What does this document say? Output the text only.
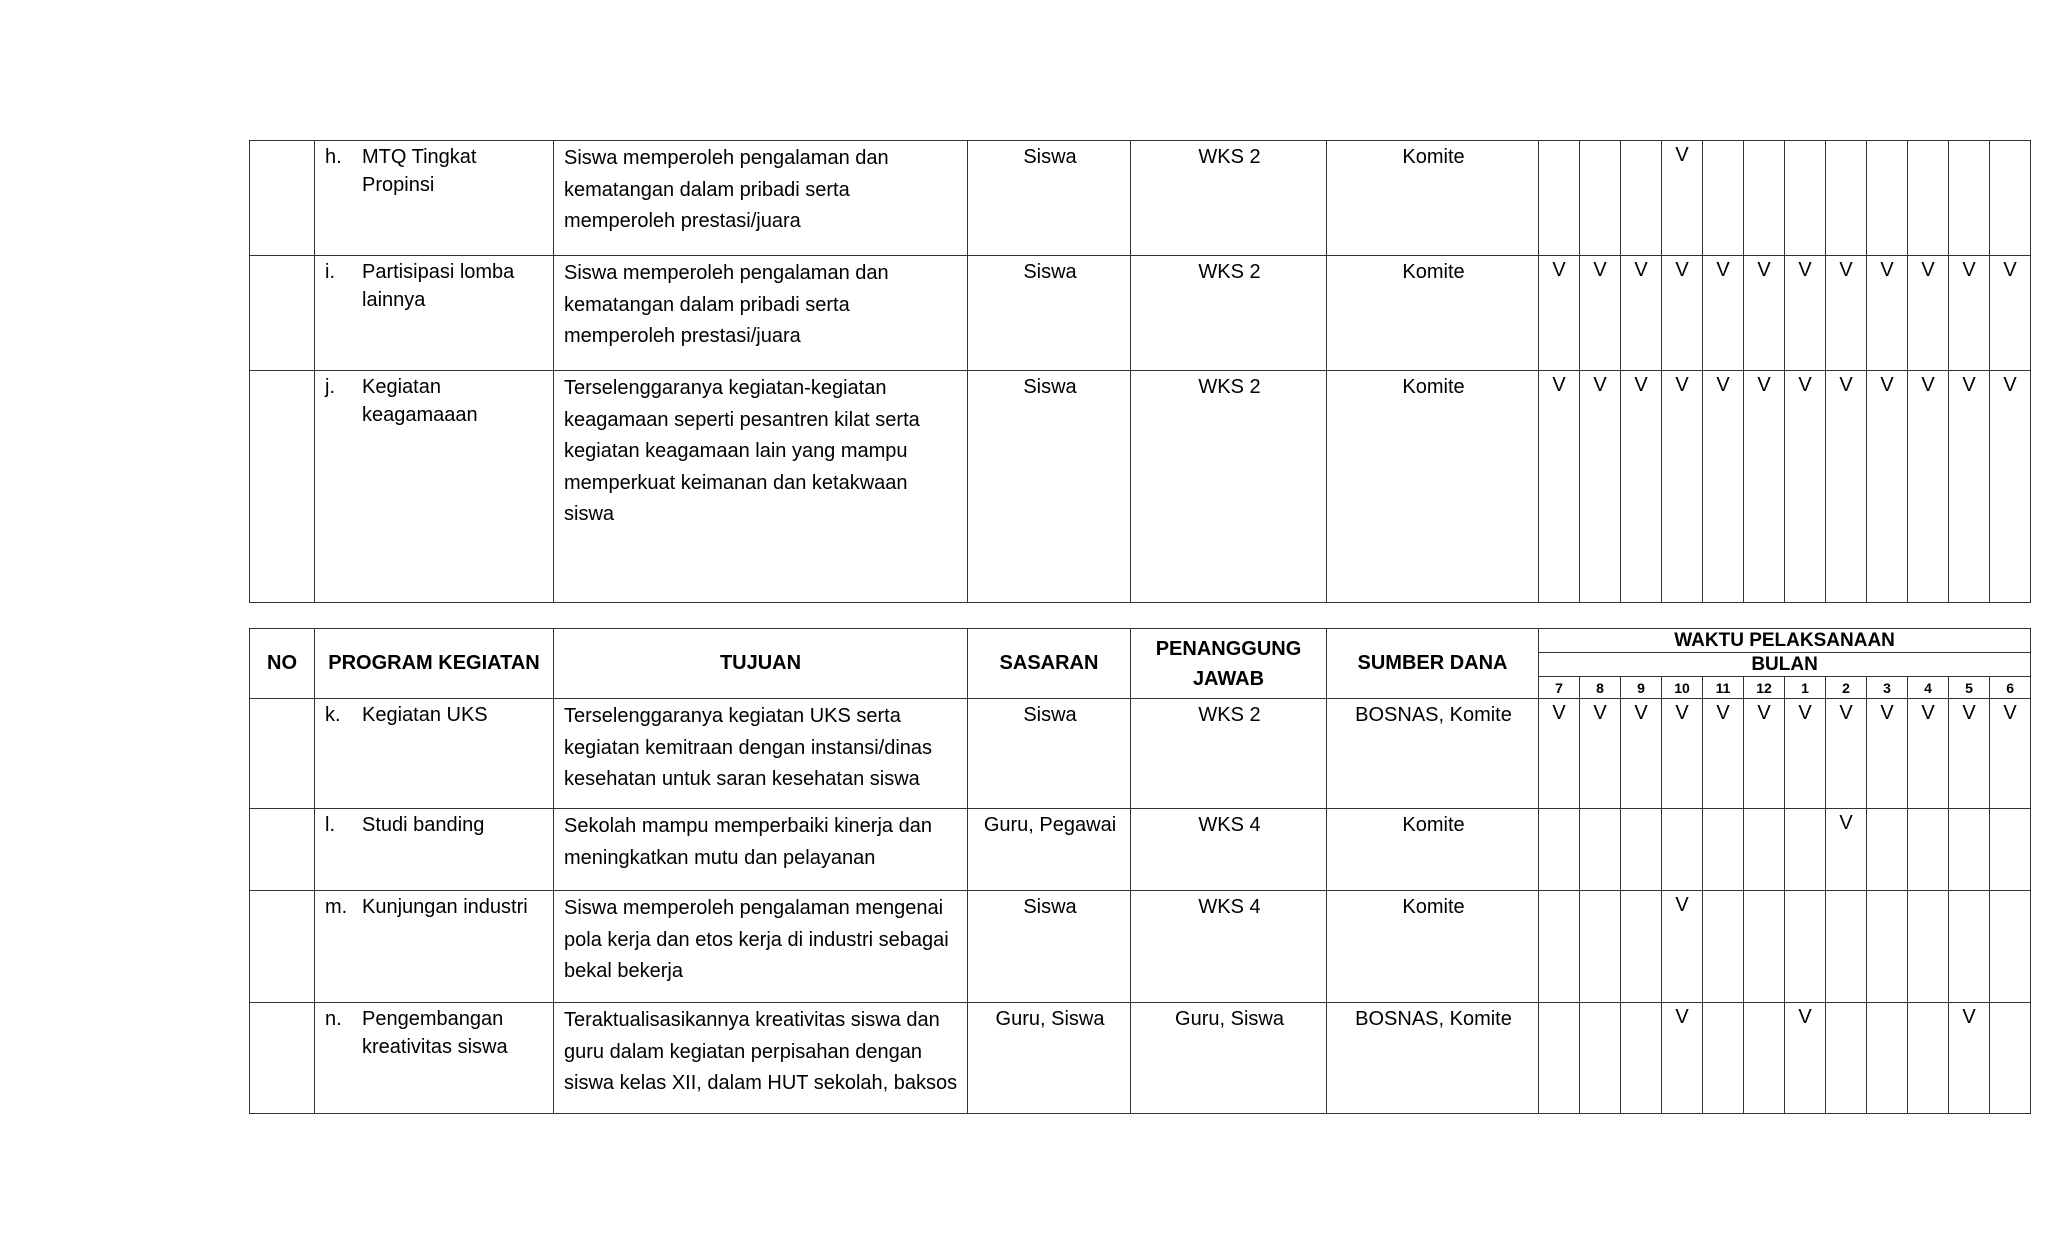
	h. MTQ Tingkat Propinsi	Siswa memperoleh pengalaman dan kematangan dalam pribadi serta memperoleh prestasi/juara	Siswa	WKS 2	Komite				V								

	i. Partisipasi lomba lainnya	Siswa memperoleh pengalaman dan kematangan dalam pribadi serta memperoleh prestasi/juara	Siswa	WKS 2	Komite	V	V	V	V	V	V	V	V	V	V	V	V

	j. Kegiatan keagamaaan	Terselenggaranya kegiatan-kegiatan keagamaan seperti pesantren kilat serta kegiatan keagamaan lain yang mampu memperkuat keimanan dan ketakwaan siswa	Siswa	WKS 2	Komite	V	V	V	V	V	V	V	V	V	V	V	V
NO	PROGRAM KEGIATAN	TUJUAN	SASARAN	PENANGGUNG JAWAB	SUMBER DANA	WAKTU PELAKSANAAN											
						BULAN											
						7	8	9	10	11	12	1	2	3	4	5	6

	k. Kegiatan UKS	Terselenggaranya kegiatan UKS serta kegiatan kemitraan dengan instansi/dinas kesehatan untuk saran kesehatan siswa	Siswa	WKS 2	BOSNAS, Komite	V	V	V	V	V	V	V	V	V	V	V	V

	l. Studi banding	Sekolah mampu memperbaiki kinerja dan meningkatkan mutu dan pelayanan	Guru, Pegawai	WKS 4	Komite								V				

	m. Kunjungan industri	Siswa memperoleh pengalaman mengenai pola kerja dan etos kerja di industri sebagai bekal bekerja	Siswa	WKS 4	Komite				V								

	n. Pengembangan kreativitas siswa	Teraktualisasikannya kreativitas siswa dan guru dalam kegiatan perpisahan dengan siswa kelas XII, dalam HUT sekolah, baksos	Guru, Siswa	Guru, Siswa	BOSNAS, Komite				V			V				V	
